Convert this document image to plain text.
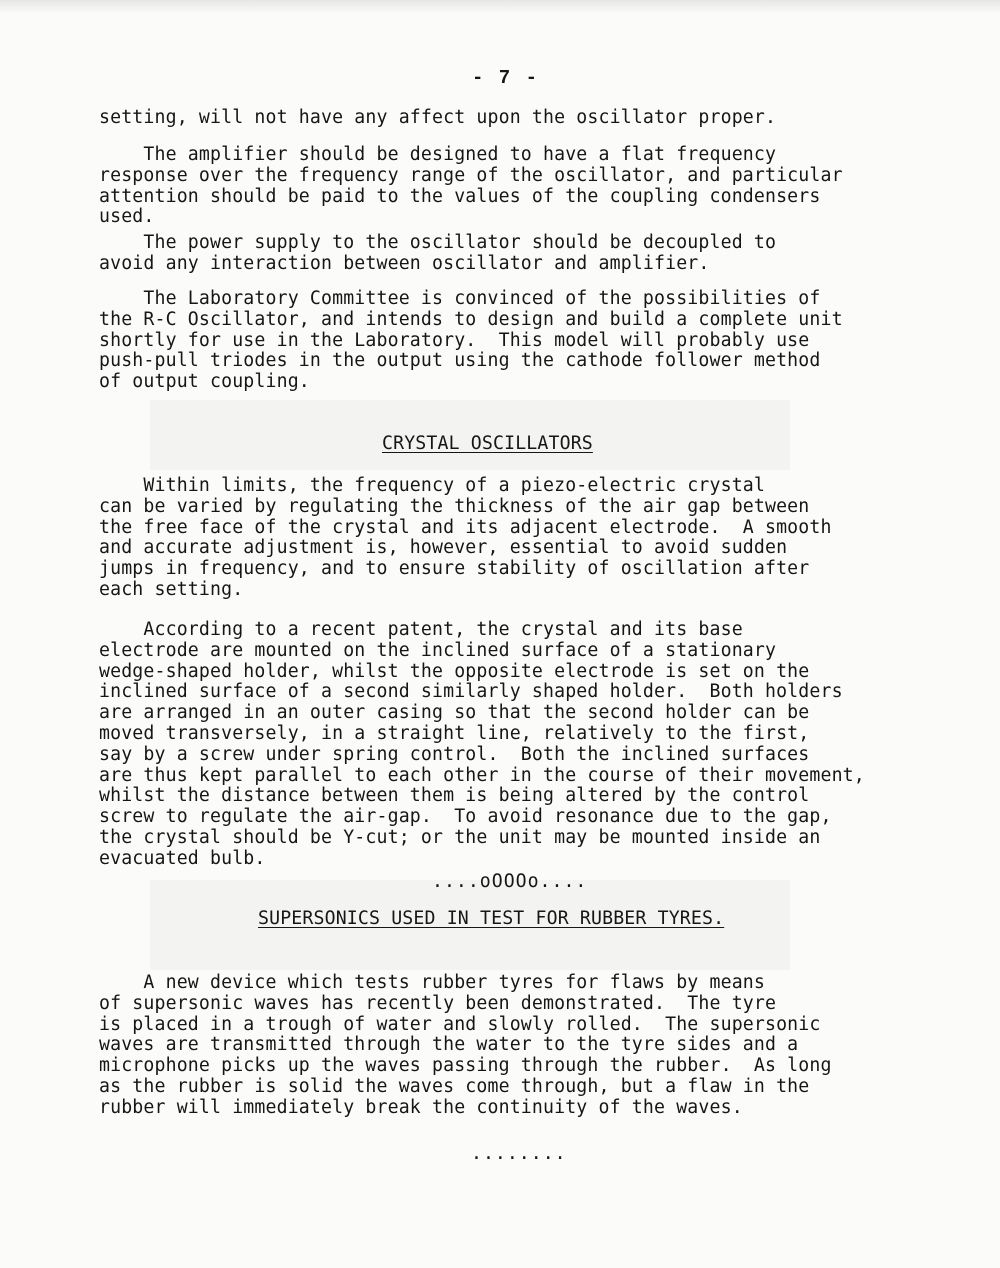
- 7 -
setting, will not have any affect upon the oscillator proper.
The amplifier should be designed to have a flat frequency
response over the frequency range of the oscillator, and particular
attention should be paid to the values of the coupling condensers
used.
The power supply to the oscillator should be decoupled to
avoid any interaction between oscillator and amplifier.
The Laboratory Committee is convinced of the possibilities of
the R-C Oscillator, and intends to design and build a complete unit
shortly for use in the Laboratory.  This model will probably use
push-pull triodes in the output using the cathode follower method
of output coupling.
CRYSTAL OSCILLATORS
Within limits, the frequency of a piezo-electric crystal
can be varied by regulating the thickness of the air gap between
the free face of the crystal and its adjacent electrode.  A smooth
and accurate adjustment is, however, essential to avoid sudden
jumps in frequency, and to ensure stability of oscillation after
each setting.
According to a recent patent, the crystal and its base
electrode are mounted on the inclined surface of a stationary
wedge-shaped holder, whilst the opposite electrode is set on the
inclined surface of a second similarly shaped holder.  Both holders
are arranged in an outer casing so that the second holder can be
moved transversely, in a straight line, relatively to the first,
say by a screw under spring control.  Both the inclined surfaces
are thus kept parallel to each other in the course of their movement,
whilst the distance between them is being altered by the control
screw to regulate the air-gap.  To avoid resonance due to the gap,
the crystal should be Y-cut; or the unit may be mounted inside an
evacuated bulb.
....oOOOo....
SUPERSONICS USED IN TEST FOR RUBBER TYRES.
A new device which tests rubber tyres for flaws by means
of supersonic waves has recently been demonstrated.  The tyre
is placed in a trough of water and slowly rolled.  The supersonic
waves are transmitted through the water to the tyre sides and a
microphone picks up the waves passing through the rubber.  As long
as the rubber is solid the waves come through, but a flaw in the
rubber will immediately break the continuity of the waves.
........
